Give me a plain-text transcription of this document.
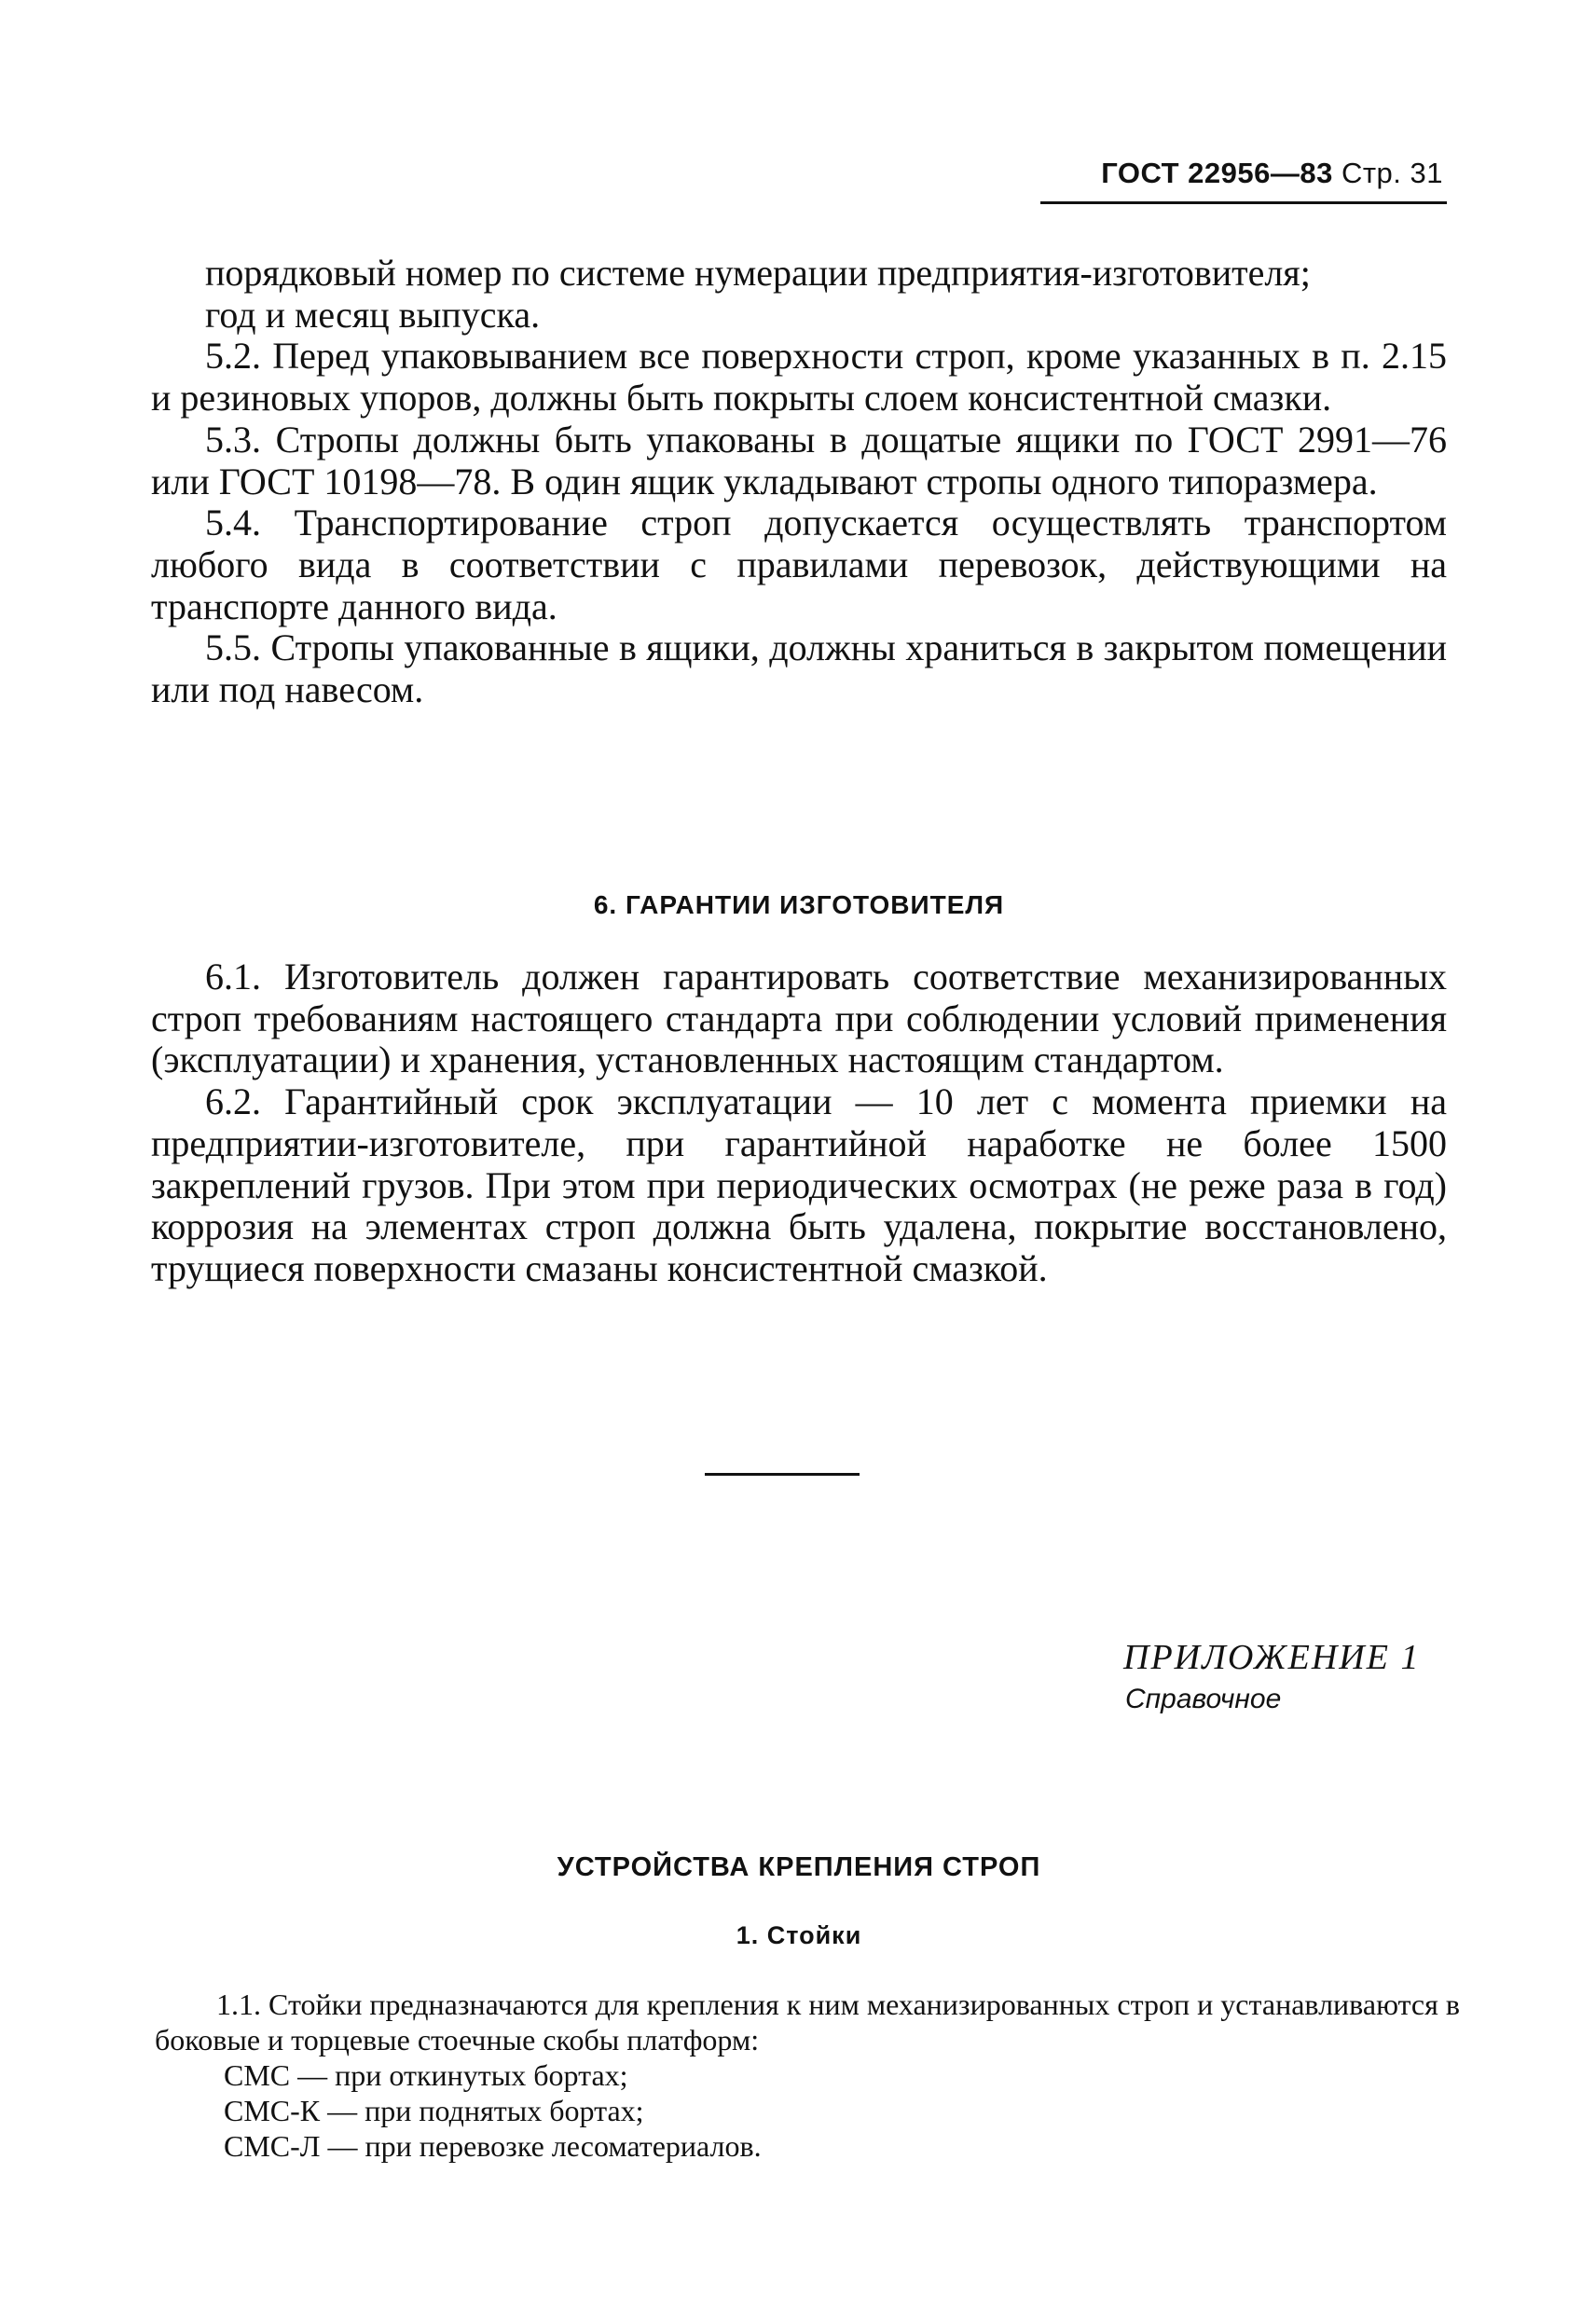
ГОСТ 22956—83 Стр. 31

порядковый номер по системе нумерации предприятия-изготовителя;

год и месяц выпуска.

5.2. Перед упаковыванием все поверхности строп, кроме указанных в п. 2.15 и резиновых упоров, должны быть покрыты слоем консистентной смазки.

5.3. Стропы должны быть упакованы в дощатые ящики по ГОСТ 2991—76 или ГОСТ 10198—78. В один ящик укладывают стропы одного типоразмера.

5.4. Транспортирование строп допускается осуществлять транспортом любого вида в соответствии с правилами перевозок, действующими на транспорте данного вида.

5.5. Стропы упакованные в ящики, должны храниться в закрытом помещении или под навесом.

6. ГАРАНТИИ ИЗГОТОВИТЕЛЯ

6.1. Изготовитель должен гарантировать соответствие механизированных строп требованиям настоящего стандарта при соблюдении условий применения (эксплуатации) и хранения, установленных настоящим стандартом.

6.2. Гарантийный срок эксплуатации — 10 лет с момента приемки на предприятии-изготовителе, при гарантийной наработке не более 1500 закреплений грузов. При этом при периодических осмотрах (не реже раза в год) коррозия на элементах строп должна быть удалена, покрытие восстановлено, трущиеся поверхности смазаны консистентной смазкой.

ПРИЛОЖЕНИЕ 1
Справочное
УСТРОЙСТВА КРЕПЛЕНИЯ СТРОП
1. Стойки

1.1. Стойки предназначаются для крепления к ним механизированных строп и устанавливаются в боковые и торцевые стоечные скобы платформ:

СМС — при откинутых бортах;

СМС-К — при поднятых бортах;

СМС-Л — при перевозке лесоматериалов.
